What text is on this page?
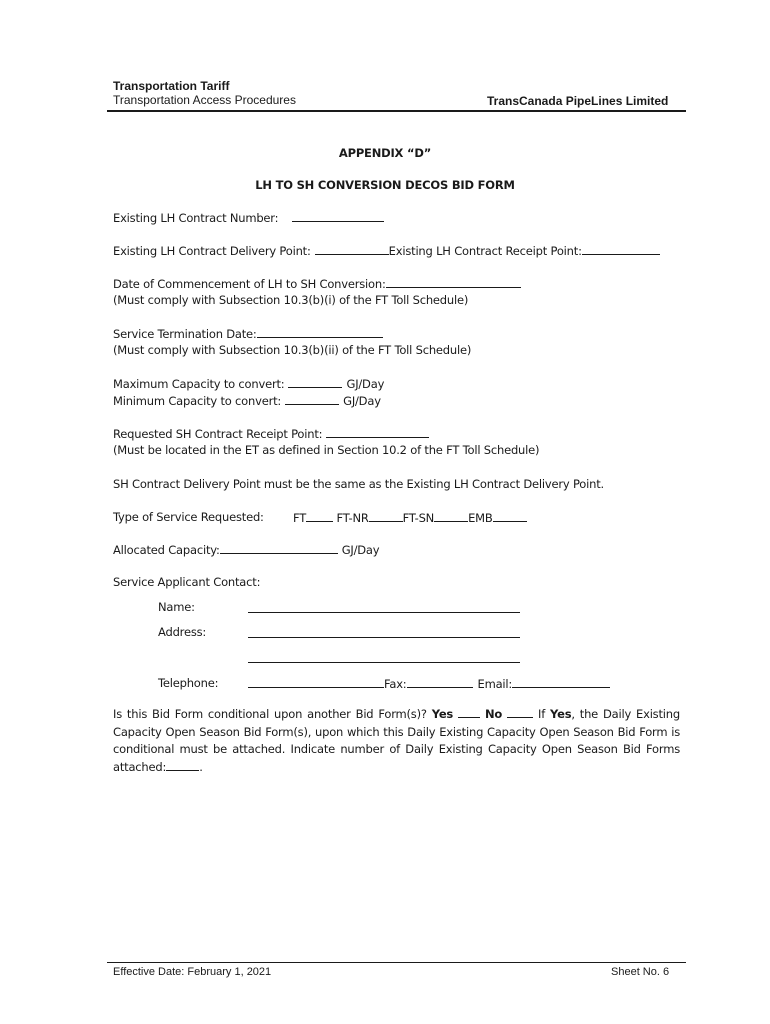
Transportation Tariff
Transportation Access Procedures	TransCanada PipeLines Limited
APPENDIX “D”
LH TO SH CONVERSION DECOS BID FORM
Existing LH Contract Number:
Existing LH Contract Delivery Point:	Existing LH Contract Receipt Point:
Date of Commencement of LH to SH Conversion:
(Must comply with Subsection 10.3(b)(i) of the FT Toll Schedule)
Service Termination Date:
(Must comply with Subsection 10.3(b)(ii) of the FT Toll Schedule)
Maximum Capacity to convert:	GJ/Day
Minimum Capacity to convert:	GJ/Day
Requested SH Contract Receipt Point:
(Must be located in the ET as defined in Section 10.2 of the FT Toll Schedule)
SH Contract Delivery Point must be the same as the Existing LH Contract Delivery Point.
Type of Service Requested:	FT	FT-NR	FT-SN	EMB
Allocated Capacity:	GJ/Day
Service Applicant Contact:
Name:
Address:
Telephone:	Fax:	Email:
Is this Bid Form conditional upon another Bid Form(s)? Yes	No	If Yes, the Daily Existing Capacity Open Season Bid Form(s), upon which this Daily Existing Capacity Open Season Bid Form is conditional must be attached. Indicate number of Daily Existing Capacity Open Season Bid Forms attached:	.
Effective Date: February 1, 2021	Sheet No. 6
